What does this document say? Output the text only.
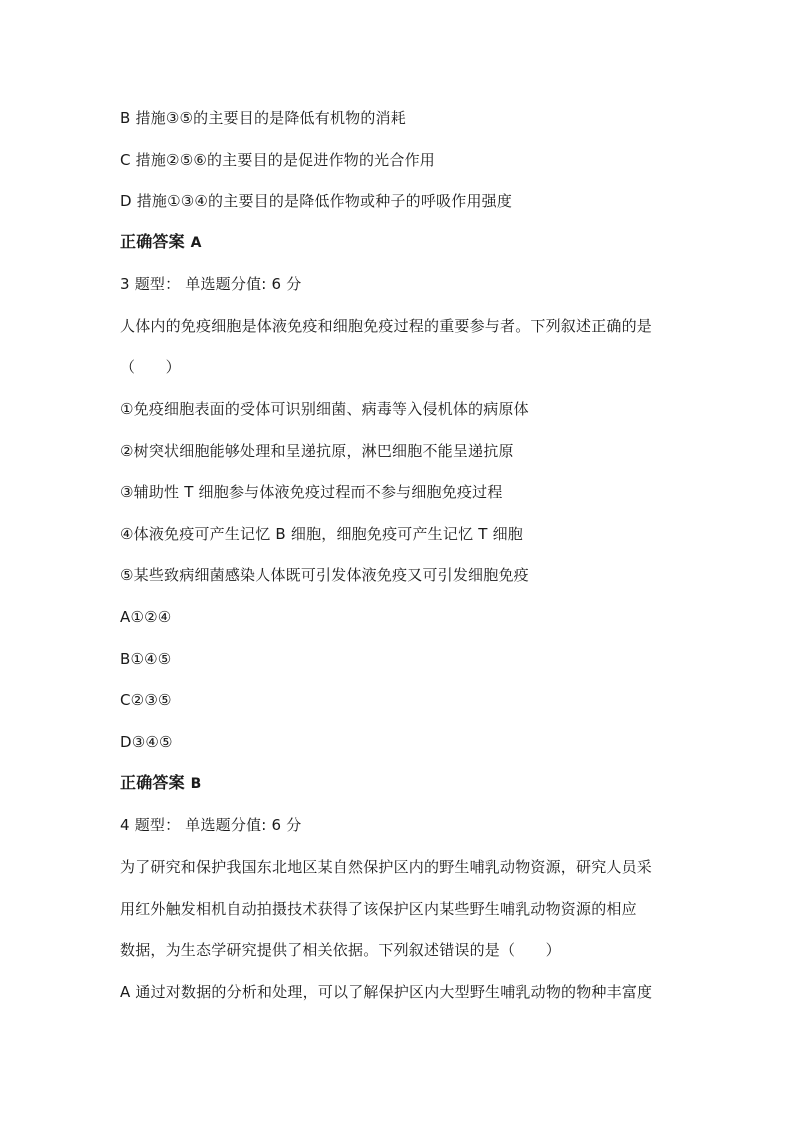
B 措施③⑤的主要目的是降低有机物的消耗
C 措施②⑤⑥的主要目的是促进作物的光合作用
D 措施①③④的主要目的是降低作物或种子的呼吸作用强度
正确答案 A
3 题型： 单选题分值: 6 分
人体内的免疫细胞是体液免疫和细胞免疫过程的重要参与者。下列叙述正确的是
（　　）
①免疫细胞表面的受体可识别细菌、病毒等入侵机体的病原体
②树突状细胞能够处理和呈递抗原，淋巴细胞不能呈递抗原
③辅助性 T 细胞参与体液免疫过程而不参与细胞免疫过程
④体液免疫可产生记忆 B 细胞，细胞免疫可产生记忆 T 细胞
⑤某些致病细菌感染人体既可引发体液免疫又可引发细胞免疫
A①②④
B①④⑤
C②③⑤
D③④⑤
正确答案 B
4 题型： 单选题分值: 6 分
为了研究和保护我国东北地区某自然保护区内的野生哺乳动物资源，研究人员采
用红外触发相机自动拍摄技术获得了该保护区内某些野生哺乳动物资源的相应
数据，为生态学研究提供了相关依据。下列叙述错误的是（　　）
A 通过对数据的分析和处理，可以了解保护区内大型野生哺乳动物的物种丰富度
